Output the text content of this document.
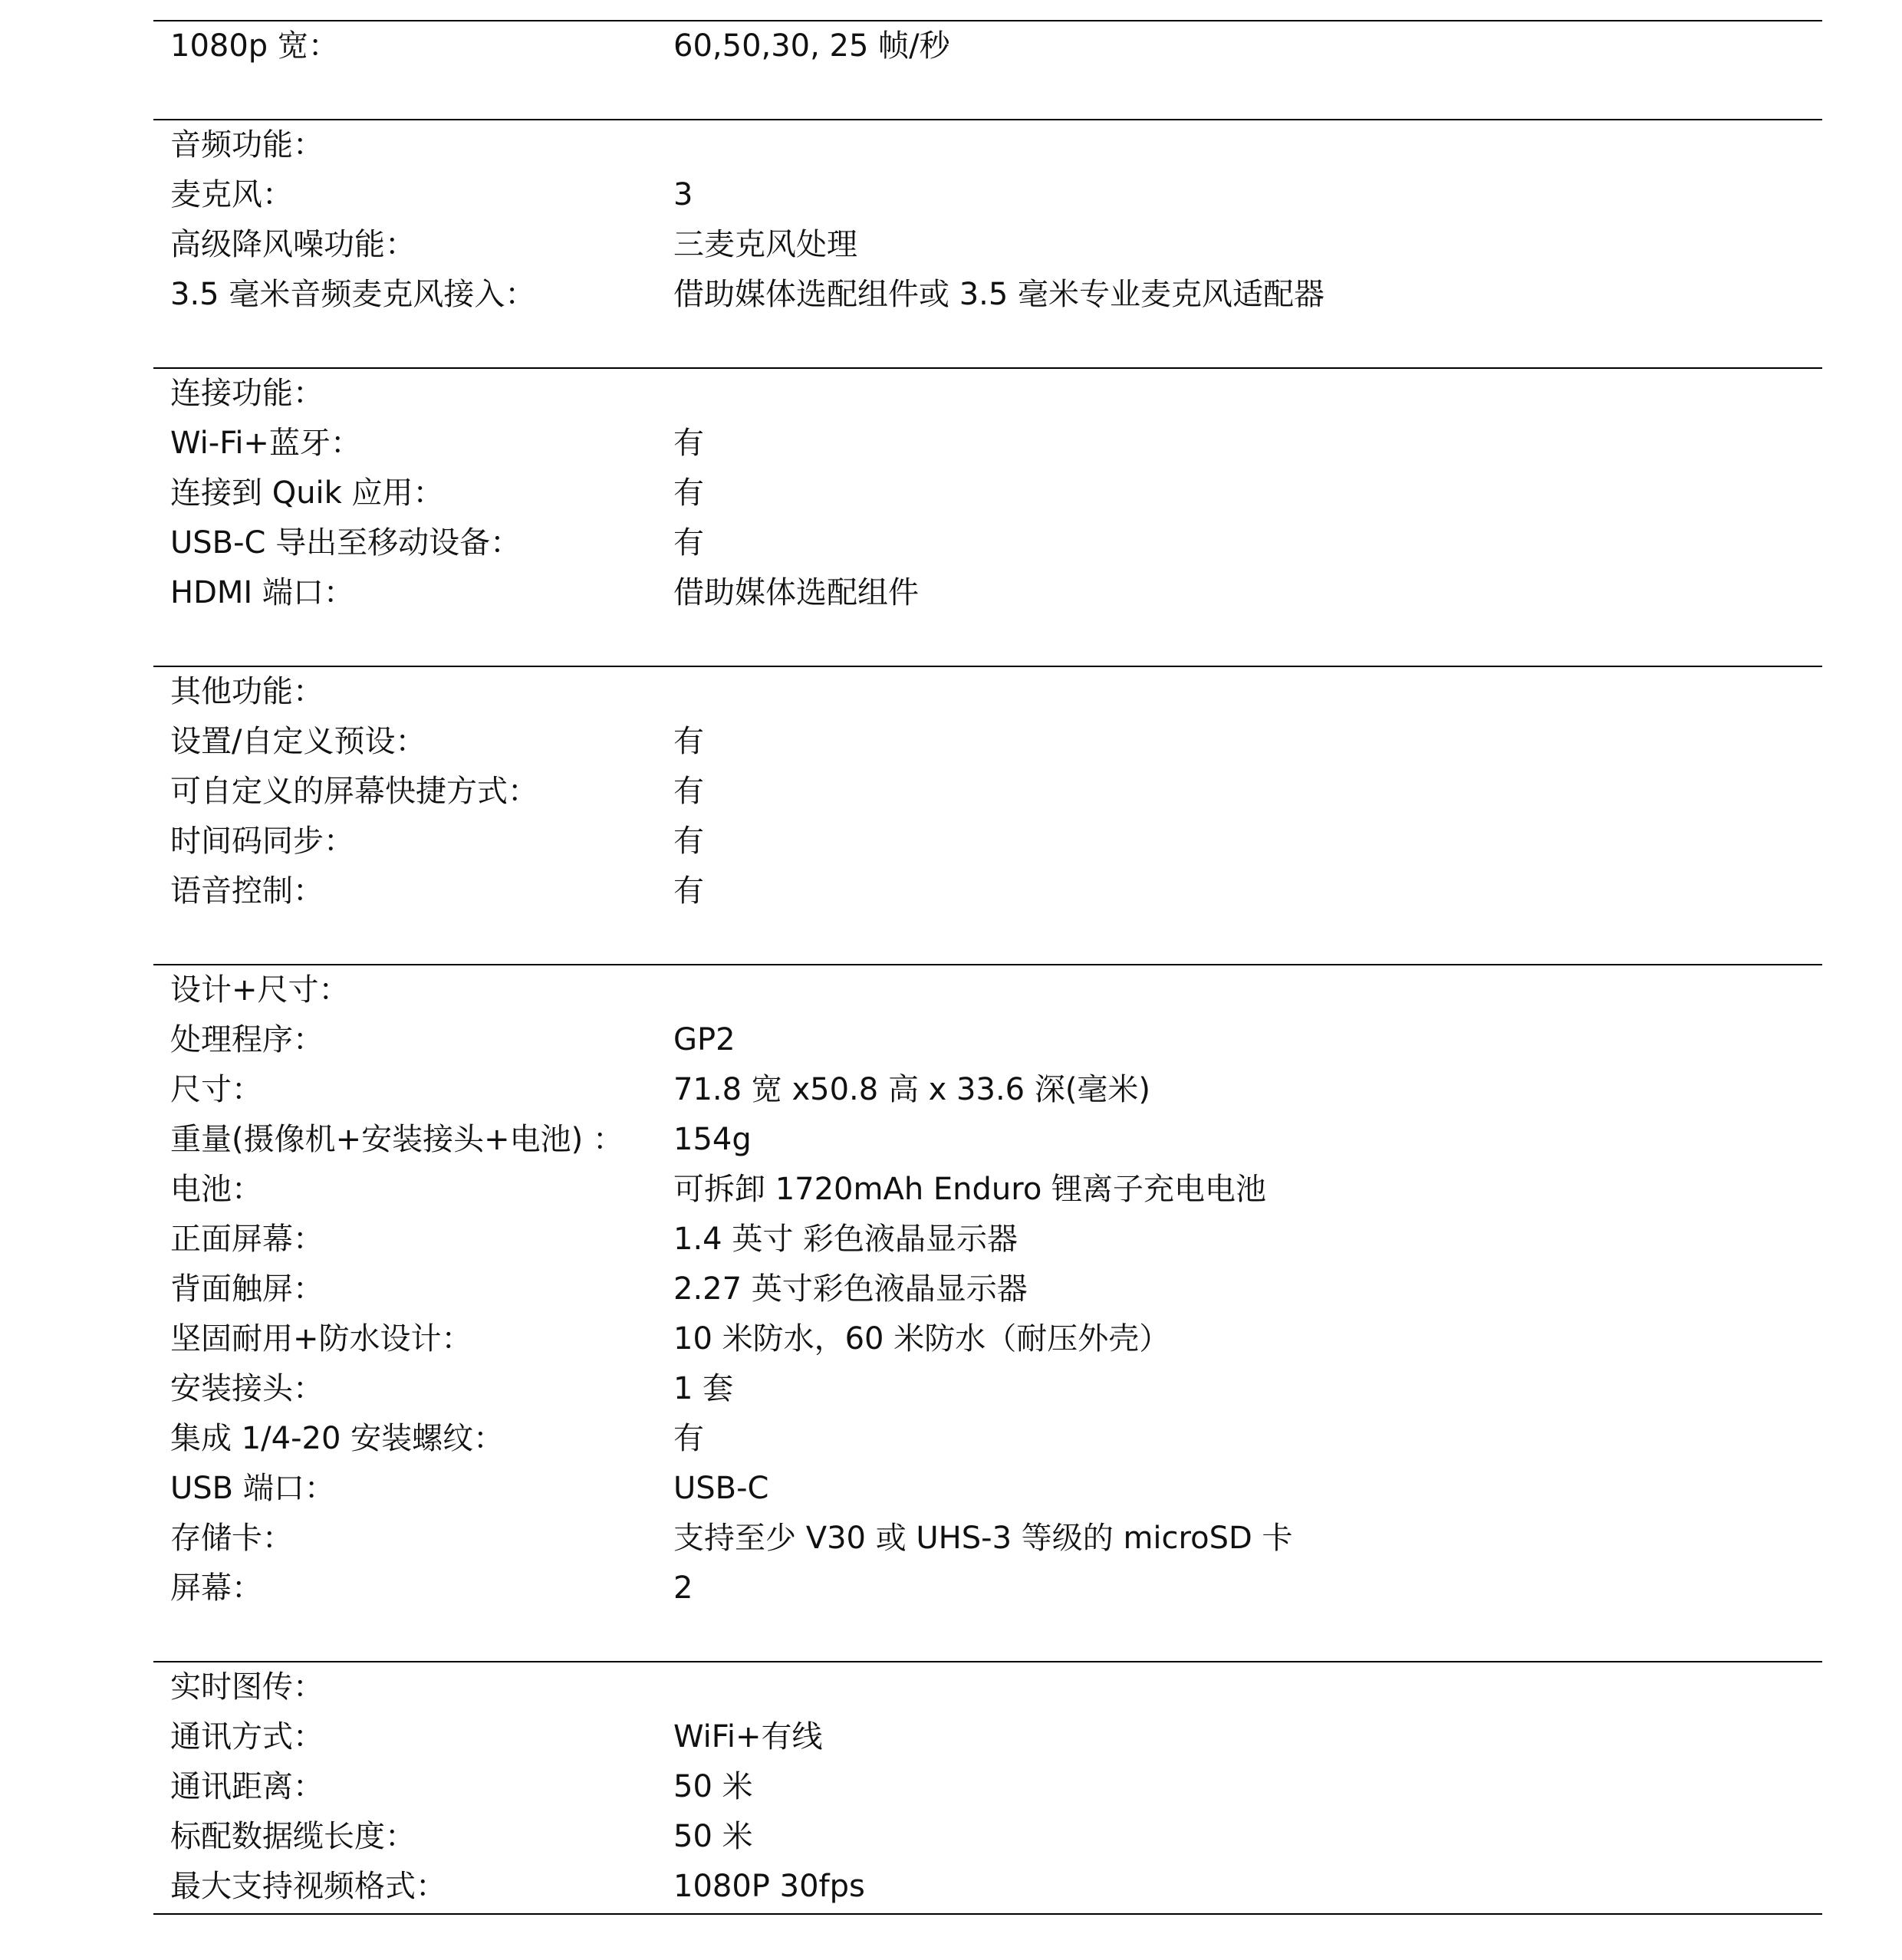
1080p 宽：	60,50,30, 25 帧/秒
音频功能：
麦克风：	3
高级降风噪功能：	三麦克风处理
3.5 毫米音频麦克风接入：	借助媒体选配组件或 3.5 毫米专业麦克风适配器
连接功能：
Wi-Fi+蓝牙：	有
连接到 Quik 应用：	有
USB-C 导出至移动设备：	有
HDMI 端口：	借助媒体选配组件
其他功能：
设置/自定义预设：	有
可自定义的屏幕快捷方式：	有
时间码同步：	有
语音控制：	有
设计+尺寸：
处理程序：	GP2
尺寸：	71.8 宽 x50.8 高 x 33.6 深(毫米)
重量(摄像机+安装接头+电池) ：	154g
电池：	可拆卸 1720mAh Enduro 锂离子充电电池
正面屏幕：	1.4 英寸 彩色液晶显示器
背面触屏：	2.27 英寸彩色液晶显示器
坚固耐用+防水设计：	10 米防水，60 米防水（耐压外壳）
安装接头：	1 套
集成 1/4-20 安装螺纹：	有
USB 端口：	USB-C
存储卡：	支持至少 V30 或 UHS-3 等级的 microSD 卡
屏幕：	2
实时图传：
通讯方式：	WiFi+有线
通讯距离：	50 米
标配数据缆长度：	50 米
最大支持视频格式：	1080P 30fps
